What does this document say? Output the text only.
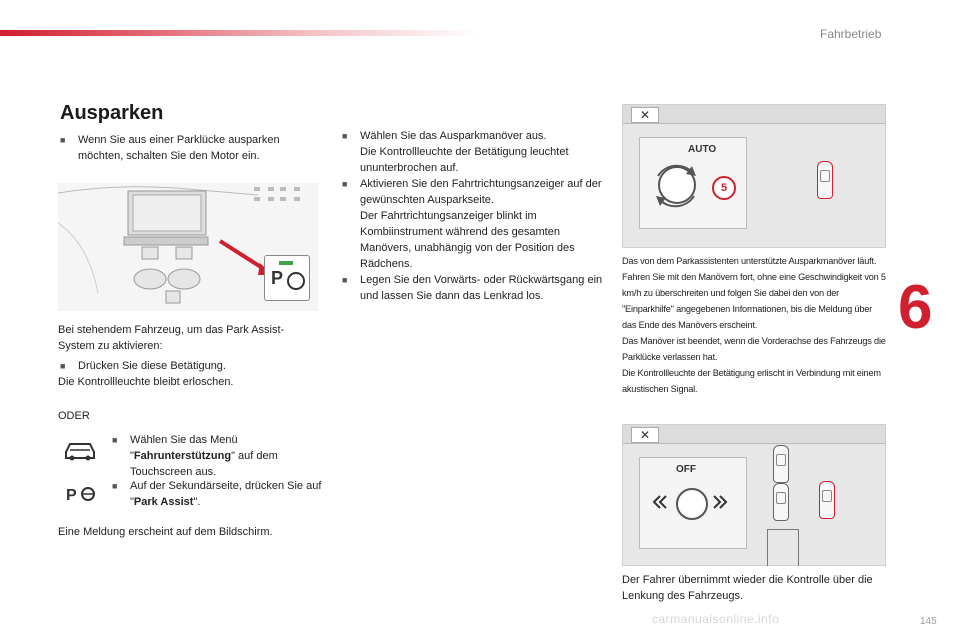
Fahrbetrieb
6
Ausparken
■	Wenn Sie aus einer Parklücke ausparken möchten, schalten Sie den Motor ein.
P
Bei stehendem Fahrzeug, um das Park Assist-System zu aktivieren:
■	Drücken Sie diese Betätigung.
Die Kontrollleuchte bleibt erloschen.
ODER
■	Wählen Sie das Menü "Fahrunterstützung" auf dem Touchscreen aus.
P
■	Auf der Sekundärseite, drücken Sie auf "Park Assist".
Eine Meldung erscheint auf dem Bildschirm.
■	Wählen Sie das Ausparkmanöver aus.
Die Kontrollleuchte der Betätigung leuchtet ununterbrochen auf.
■	Aktivieren Sie den Fahrtrichtungsanzeiger auf der gewünschten Ausparkseite.
Der Fahrtrichtungsanzeiger blinkt im Kombiinstrument während des gesamten Manövers, unabhängig von der Position des Rädchens.
■	Legen Sie den Vorwärts- oder Rückwärtsgang ein und lassen Sie dann das Lenkrad los.
✕
AUTO
5

Das von dem Parkassistenten unterstützte Ausparkmanöver läuft.

Fahren Sie mit den Manövern fort, ohne eine Geschwindigkeit von 5 km/h zu überschreiten und folgen Sie dabei den von der "Einparkhilfe" angegebenen Informationen, bis die Meldung über das Ende des Manövers erscheint.

Das Manöver ist beendet, wenn die Vorderachse des Fahrzeugs die Parklücke verlassen hat.

Die Kontrollleuchte der Betätigung erlischt in Verbindung mit einem akustischen Signal.

✕
OFF
Der Fahrer übernimmt wieder die Kontrolle über die Lenkung des Fahrzeugs.
carmanualsonline.info	145
